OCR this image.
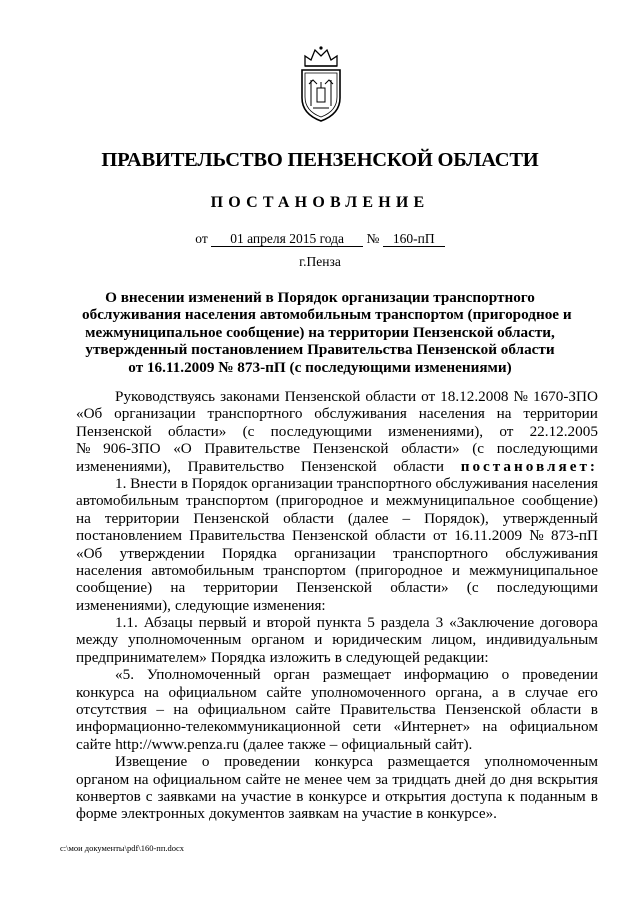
ПРАВИТЕЛЬСТВО ПЕНЗЕНСКОЙ ОБЛАСТИ
ПОСТАНОВЛЕНИЕ
от 01 апреля 2015 года № 160-пП
г.Пенза
О внесении изменений в Порядок организации транспортного
обслуживания населения автомобильным транспортом (пригородное и
межмуниципальное сообщение) на территории Пензенской области,
утвержденный постановлением Правительства Пензенской области
от 16.11.2009 № 873-пП (с последующими изменениями)
Руководствуясь законами Пензенской области от 18.12.2008 № 1670-ЗПО
«Об организации транспортного обслуживания населения на территории
Пензенской области» (с последующими изменениями), от 22.12.2005
№ 906-ЗПО «О Правительстве Пензенской области» (с последующими
изменениями), Правительство Пензенской области постановляет:
1. Внести в Порядок организации транспортного обслуживания населения
автомобильным транспортом (пригородное и межмуниципальное сообщение)
на территории Пензенской области (далее – Порядок), утвержденный
постановлением Правительства Пензенской области от 16.11.2009 № 873-пП
«Об утверждении Порядка организации транспортного обслуживания
населения автомобильным транспортом (пригородное и межмуниципальное
сообщение) на территории Пензенской области» (с последующими
изменениями), следующие изменения:
1.1. Абзацы первый и второй пункта 5 раздела 3 «Заключение договора
между уполномоченным органом и юридическим лицом, индивидуальным
предпринимателем» Порядка изложить в следующей редакции:
«5. Уполномоченный орган размещает информацию о проведении
конкурса на официальном сайте уполномоченного органа, а в случае его
отсутствия – на официальном сайте Правительства Пензенской области в
информационно-телекоммуникационной сети «Интернет» на официальном
сайте http://www.penza.ru (далее также – официальный сайт).
Извещение о проведении конкурса размещается уполномоченным
органом на официальном сайте не менее чем за тридцать дней до дня вскрытия
конвертов с заявками на участие в конкурсе и открытия доступа к поданным в
форме электронных документов заявкам на участие в конкурсе».
c:\мои документы\pdf\160-пп.docx
